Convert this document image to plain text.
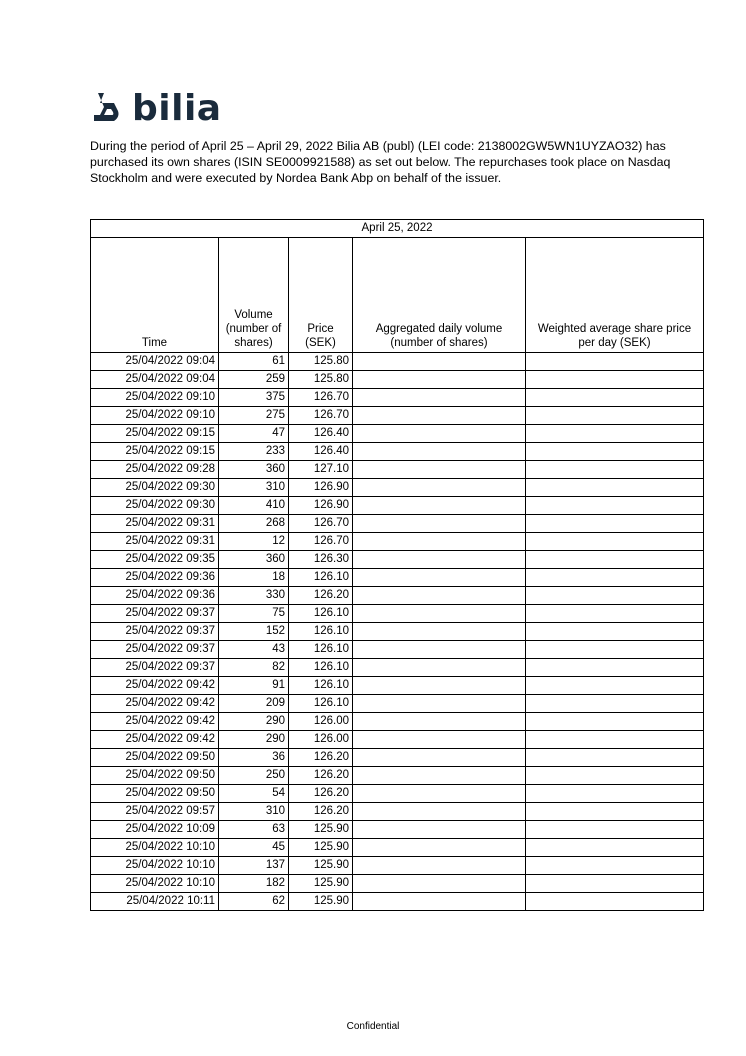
bilia

During the period of April 25 – April 29, 2022 Bilia AB (publ) (LEI code: 2138002GW5WN1UYZAO32) has purchased its own shares (ISIN SE0009921588) as set out below. The repurchases took place on Nasdaq Stockholm and were executed by Nordea Bank Abp on behalf of the issuer.

April 25, 2022				
Time	Volume (number of shares)	Price (SEK)	Aggregated daily volume (number of shares)	Weighted average share price per day (SEK)
25/04/2022 09:04	61	125.80		
25/04/2022 09:04	259	125.80		
25/04/2022 09:10	375	126.70		
25/04/2022 09:10	275	126.70		
25/04/2022 09:15	47	126.40		
25/04/2022 09:15	233	126.40		
25/04/2022 09:28	360	127.10		
25/04/2022 09:30	310	126.90		
25/04/2022 09:30	410	126.90		
25/04/2022 09:31	268	126.70		
25/04/2022 09:31	12	126.70		
25/04/2022 09:35	360	126.30		
25/04/2022 09:36	18	126.10		
25/04/2022 09:36	330	126.20		
25/04/2022 09:37	75	126.10		
25/04/2022 09:37	152	126.10		
25/04/2022 09:37	43	126.10		
25/04/2022 09:37	82	126.10		
25/04/2022 09:42	91	126.10		
25/04/2022 09:42	209	126.10		
25/04/2022 09:42	290	126.00		
25/04/2022 09:42	290	126.00		
25/04/2022 09:50	36	126.20		
25/04/2022 09:50	250	126.20		
25/04/2022 09:50	54	126.20		
25/04/2022 09:57	310	126.20		
25/04/2022 10:09	63	125.90		
25/04/2022 10:10	45	125.90		
25/04/2022 10:10	137	125.90		
25/04/2022 10:10	182	125.90		
25/04/2022 10:11	62	125.90		
Confidential
